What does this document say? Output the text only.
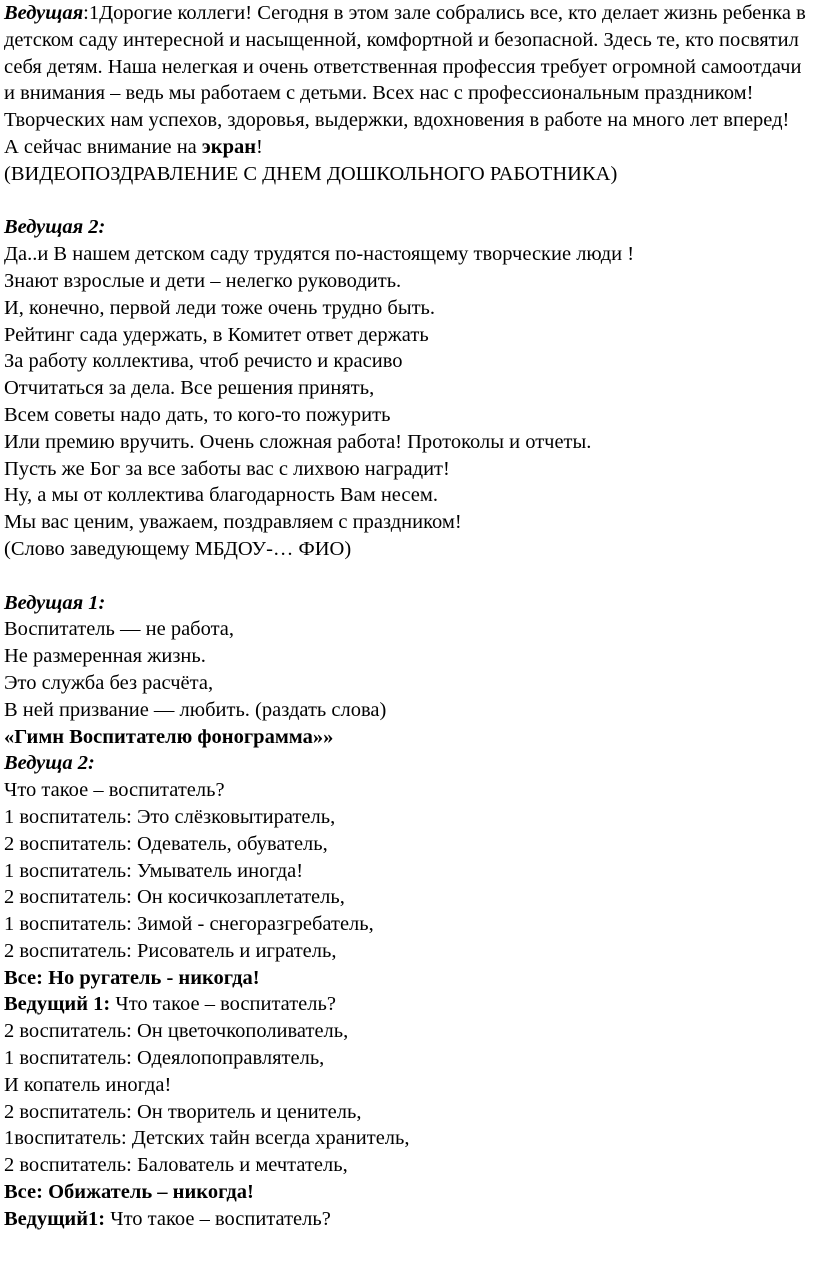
Ведущая:1Дорогие коллеги! Сегодня в этом зале собрались все, кто делает жизнь ребенка в детском саду интересной и насыщенной, комфортной и безопасной. Здесь те, кто посвятил себя детям. Наша нелегкая и очень ответственная профессия требует огромной самоотдачи и внимания – ведь мы работаем с детьми. Всех нас с профессиональным праздником! Творческих нам успехов, здоровья, выдержки, вдохновения в работе на много лет вперед!

А сейчас внимание на экран!

(ВИДЕОПОЗДРАВЛЕНИЕ С ДНЕМ ДОШКОЛЬНОГО РАБОТНИКА)

Ведущая 2:

Да..и В нашем детском саду трудятся по-настоящему творческие люди !

Знают взрослые и дети – нелегко руководить.

И, конечно, первой леди тоже очень трудно быть.

Рейтинг сада удержать, в Комитет ответ держать

За работу коллектива, чтоб речисто и красиво

Отчитаться за дела. Все решения принять,

Всем советы надо дать, то кого-то пожурить

Или премию вручить. Очень сложная работа! Протоколы и отчеты.

Пусть же Бог за все заботы вас с лихвою наградит!

Ну, а мы от коллектива благодарность Вам несем.

Мы вас ценим, уважаем, поздравляем с праздником!

(Слово заведующему МБДОУ-… ФИО)

Ведущая 1:

Воспитатель — не работа,

Не размеренная жизнь.

Это служба без расчёта,

В ней призвание — любить. (раздать слова)

«Гимн Воспитателю фонограмма»»

Ведуща 2:

Что такое – воспитатель?

1 воспитатель: Это слёзковытиратель,

2 воспитатель: Одеватель, обуватель,

1 воспитатель: Умыватель иногда!

2 воспитатель: Он косичкозаплетатель,

1 воспитатель: Зимой - снегоразгребатель,

2 воспитатель: Рисователь и игратель,

Все: Но ругатель - никогда!

Ведущий 1: Что такое – воспитатель?

2 воспитатель: Он цветочкополиватель,

1 воспитатель: Одеялопоправлятель,

И копатель иногда!

2 воспитатель: Он творитель и ценитель,

1воспитатель: Детских тайн всегда хранитель,

2 воспитатель: Балователь и мечтатель,

Все: Обижатель – никогда!

Ведущий1: Что такое – воспитатель?
